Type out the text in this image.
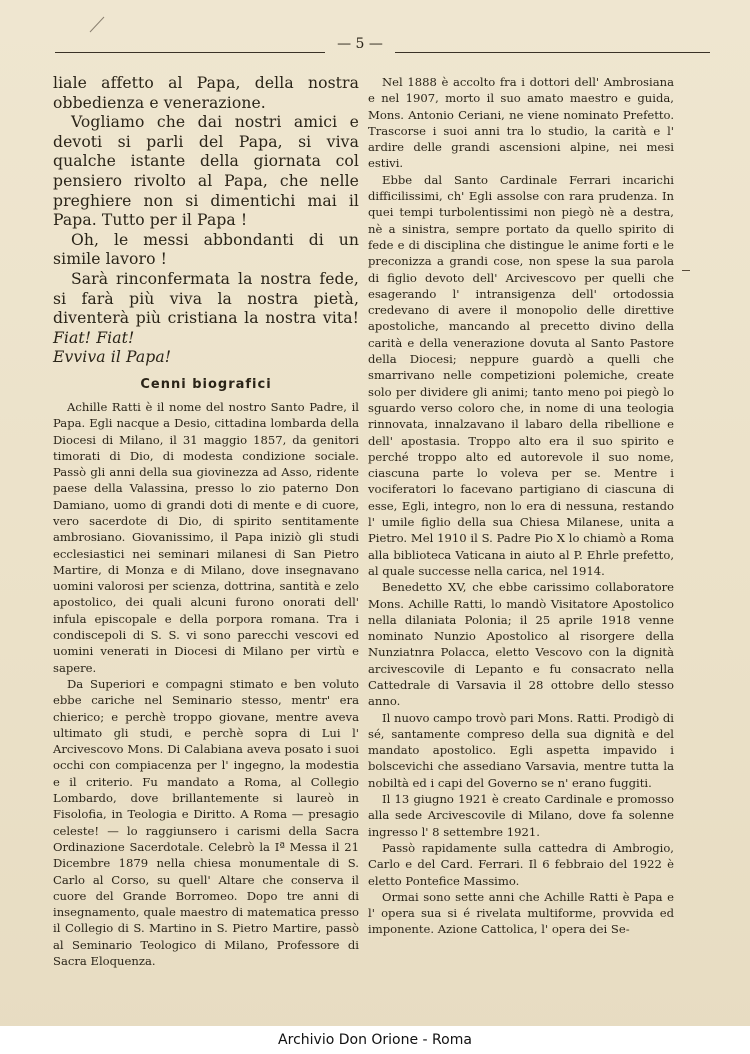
— 5 —

liale affetto al Papa, della nostra obbedienza e venerazione.

Vogliamo che dai nostri amici e devoti si parli del Papa, si viva qualche istante della giornata col pensiero rivolto al Papa, che nelle preghiere non si dimentichi mai il Papa. Tutto per il Papa !

Oh, le messi abbondanti di un simile lavoro !

Sarà rinconfermata la nostra fede, si farà più viva la nostra pietà, diventerà più cristiana la nostra vita! Fiat! Fiat!

Evviva il Papa!

Cenni biografici

Achille Ratti è il nome del nostro Santo Padre, il Papa. Egli nacque a Desio, cittadina lombarda della Diocesi di Milano, il 31 maggio 1857, da genitori timorati di Dio, di modesta condizione sociale. Passò gli anni della sua giovinezza ad Asso, ridente paese della Valassina, presso lo zio paterno Don Damiano, uomo di grandi doti di mente e di cuore, vero sacerdote di Dio, di spirito sentitamente ambrosiano. Giovanissimo, il Papa iniziò gli studi ecclesiastici nei seminari milanesi di San Pietro Martire, di Monza e di Milano, dove insegnavano uomini valorosi per scienza, dottrina, santità e zelo apostolico, dei quali alcuni furono onorati dell' infula episcopale e della porpora romana. Tra i condiscepoli di S. S. vi sono parecchi vescovi ed uomini venerati in Diocesi di Milano per virtù e sapere.

Da Superiori e compagni stimato e ben voluto ebbe cariche nel Seminario stesso, mentr' era chierico; e perchè troppo giovane, mentre aveva ultimato gli studi, e perchè sopra di Lui l' Arcivescovo Mons. Di Calabiana aveva posato i suoi occhi con compiacenza per l' ingegno, la modestia e il criterio. Fu mandato a Roma, al Collegio Lombardo, dove brillantemente si laureò in Fisolofia, in Teologia e Diritto. A Roma — presagio celeste! — lo raggiunsero i carismi della Sacra Ordinazione Sacerdotale. Celebrò la Iª Messa il 21 Dicembre 1879 nella chiesa monumentale di S. Carlo al Corso, su quell' Altare che conserva il cuore del Grande Borromeo. Dopo tre anni di insegnamento, quale maestro di matematica presso il Collegio di S. Martino in S. Pietro Martire, passò al Seminario Teologico di Milano, Professore di Sacra Eloquenza.

Nel 1888 è accolto fra i dottori dell' Ambrosiana e nel 1907, morto il suo amato maestro e guida, Mons. Antonio Ceriani, ne viene nominato Prefetto. Trascorse i suoi anni tra lo studio, la carità e l' ardire delle grandi ascensioni alpine, nei mesi estivi.

Ebbe dal Santo Cardinale Ferrari incarichi difficilissimi, ch' Egli assolse con rara prudenza. In quei tempi turbolentissimi non piegò nè a destra, nè a sinistra, sempre portato da quello spirito di fede e di disciplina che distingue le anime forti e le preconizza a grandi cose, non spese la sua parola di figlio devoto dell' Arcivescovo per quelli che esagerando l' intransigenza dell' ortodossia credevano di avere il monopolio delle direttive apostoliche, mancando al precetto divino della carità e della venerazione dovuta al Santo Pastore della Diocesi; neppure guardò a quelli che smarrivano nelle competizioni polemiche, create solo per dividere gli animi; tanto meno poi piegò lo sguardo verso coloro che, in nome di una teologia rinnovata, innalzavano il labaro della ribellione e dell' apostasia. Troppo alto era il suo spirito e perché troppo alto ed autorevole il suo nome, ciascuna parte lo voleva per se. Mentre i vociferatori lo facevano partigiano di ciascuna di esse, Egli, integro, non lo era di nessuna, restando l' umile figlio della sua Chiesa Milanese, unita a Pietro. Mel 1910 il S. Padre Pio X lo chiamò a Roma alla biblioteca Vaticana in aiuto al P. Ehrle prefetto, al quale successe nella carica, nel 1914.

Benedetto XV, che ebbe carissimo collaboratore Mons. Achille Ratti, lo mandò Visitatore Apostolico nella dilaniata Polonia; il 25 aprile 1918 venne nominato Nunzio Apostolico al risorgere della Nunziatnra Polacca, eletto Vescovo con la dignità arcivescovile di Lepanto e fu consacrato nella Cattedrale di Varsavia il 28 ottobre dello stesso anno.

Il nuovo campo trovò pari Mons. Ratti. Prodigò di sé, santamente compreso della sua dignità e del mandato apostolico. Egli aspetta impavido i bolscevichi che assediano Varsavia, mentre tutta la nobiltà ed i capi del Governo se n' erano fuggiti.

Il 13 giugno 1921 è creato Cardinale e promosso alla sede Arcivescovile di Milano, dove fa solenne ingresso l' 8 settembre 1921.

Passò rapidamente sulla cattedra di Ambrogio, Carlo e del Card. Ferrari. Il 6 febbraio del 1922 è eletto Pontefice Massimo.

Ormai sono sette anni che Achille Ratti è Papa e l' opera sua si é rivelata multiforme, provvida ed imponente. Azione Cattolica, l' opera dei Se-

Archivio Don Orione - Roma
